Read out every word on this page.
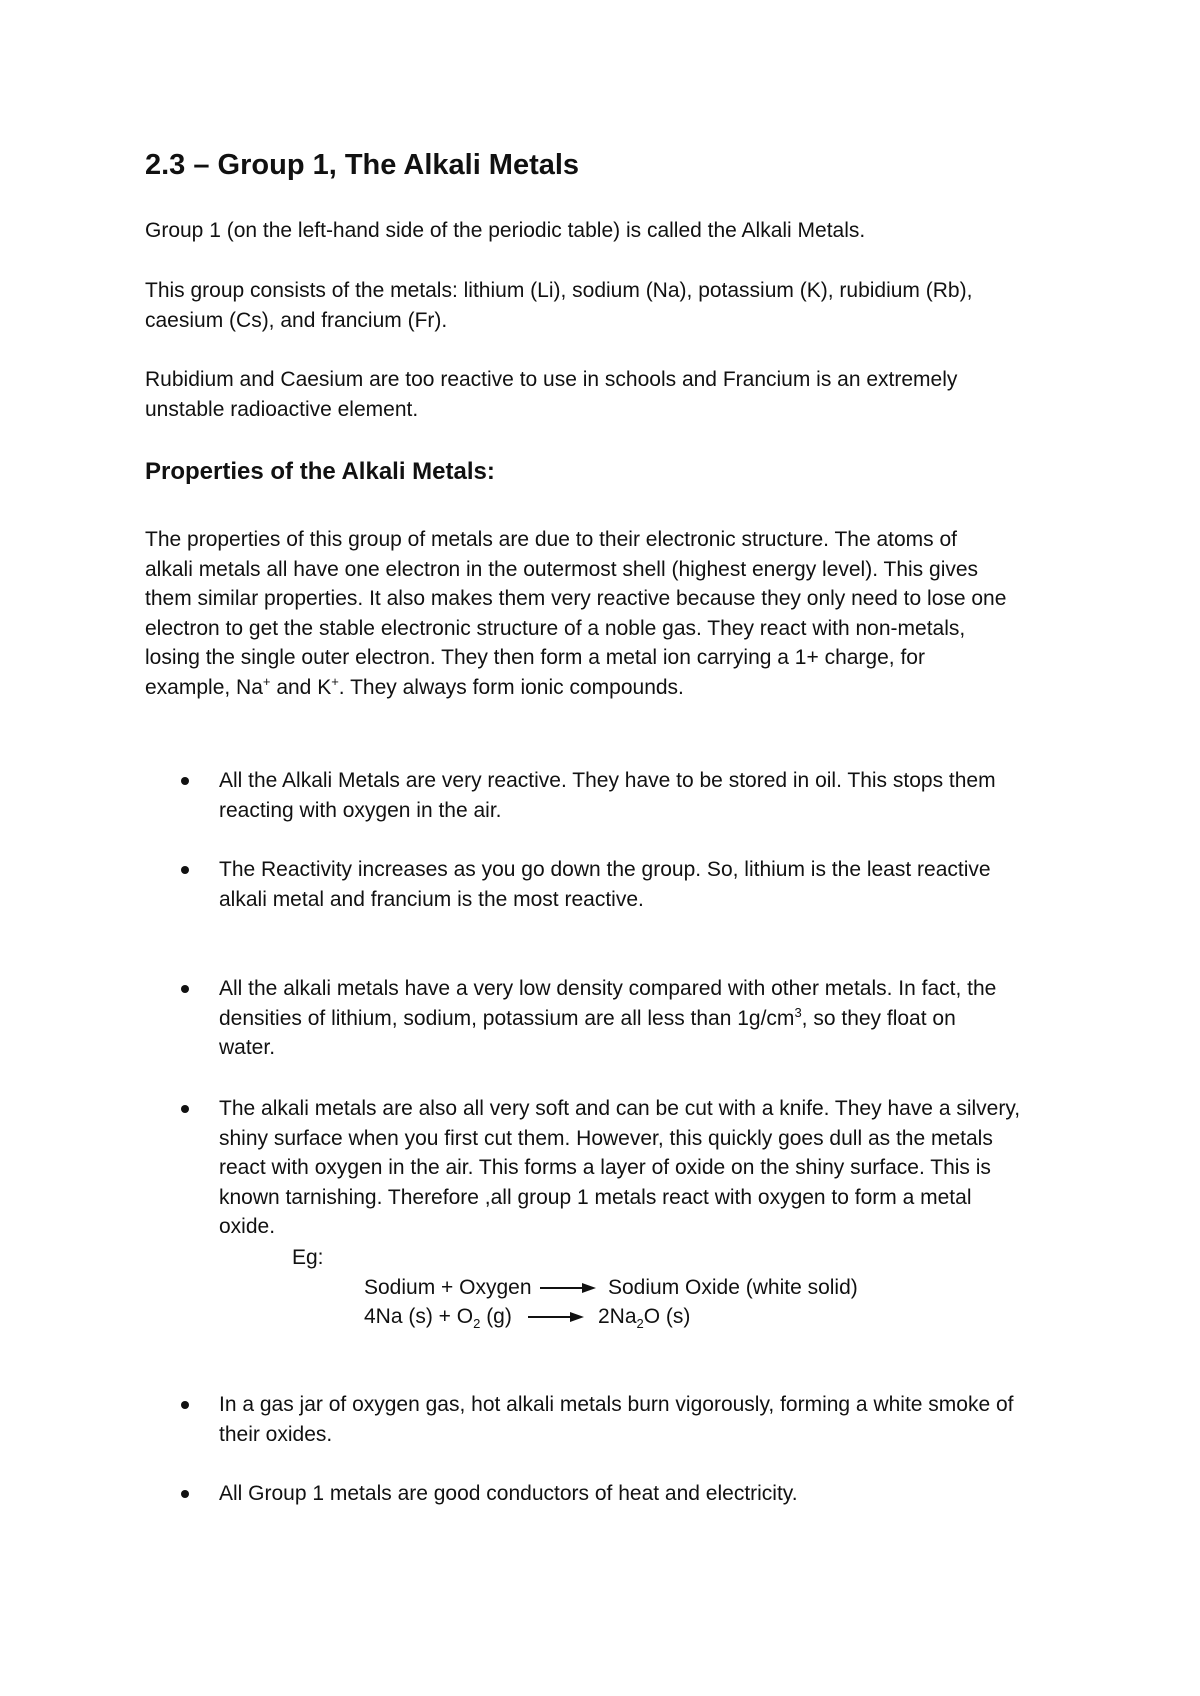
2.3 – Group 1, The Alkali Metals
Group 1 (on the left-hand side of the periodic table) is called the Alkali Metals.
This group consists of the metals: lithium (Li), sodium (Na), potassium (K), rubidium (Rb),
caesium (Cs), and francium (Fr).
Rubidium and Caesium are too reactive to use in schools and Francium is an extremely
unstable radioactive element.
Properties of the Alkali Metals:
The properties of this group of metals are due to their electronic structure. The atoms of
alkali metals all have one electron in the outermost shell (highest energy level). This gives
them similar properties. It also makes them very reactive because they only need to lose one
electron to get the stable electronic structure of a noble gas. They react with non-metals,
losing the single outer electron. They then form a metal ion carrying a 1+ charge, for
example, Na+ and K+. They always form ionic compounds.
All the Alkali Metals are very reactive. They have to be stored in oil. This stops them
reacting with oxygen in the air.
The Reactivity increases as you go down the group. So, lithium is the least reactive
alkali metal and francium is the most reactive.
All the alkali metals have a very low density compared with other metals. In fact, the
densities of lithium, sodium, potassium are all less than $1g/cm^3$, so they float on
water.
The alkali metals are also all very soft and can be cut with a knife. They have a silvery,
shiny surface when you first cut them. However, this quickly goes dull as the metals
react with oxygen in the air. This forms a layer of oxide on the shiny surface. This is
known tarnishing. Therefore ,all group 1 metals react with oxygen to form a metal
oxide.
Eg:
Sodium + Oxygen → Sodium Oxide (white solid)
4Na $(s) + O_2$ $(g) \to 2Na_2O$ (s)
In a gas jar of oxygen gas, hot alkali metals burn vigorously, forming a white smoke of
their oxides.
All Group 1 metals are good conductors of heat and electricity.
